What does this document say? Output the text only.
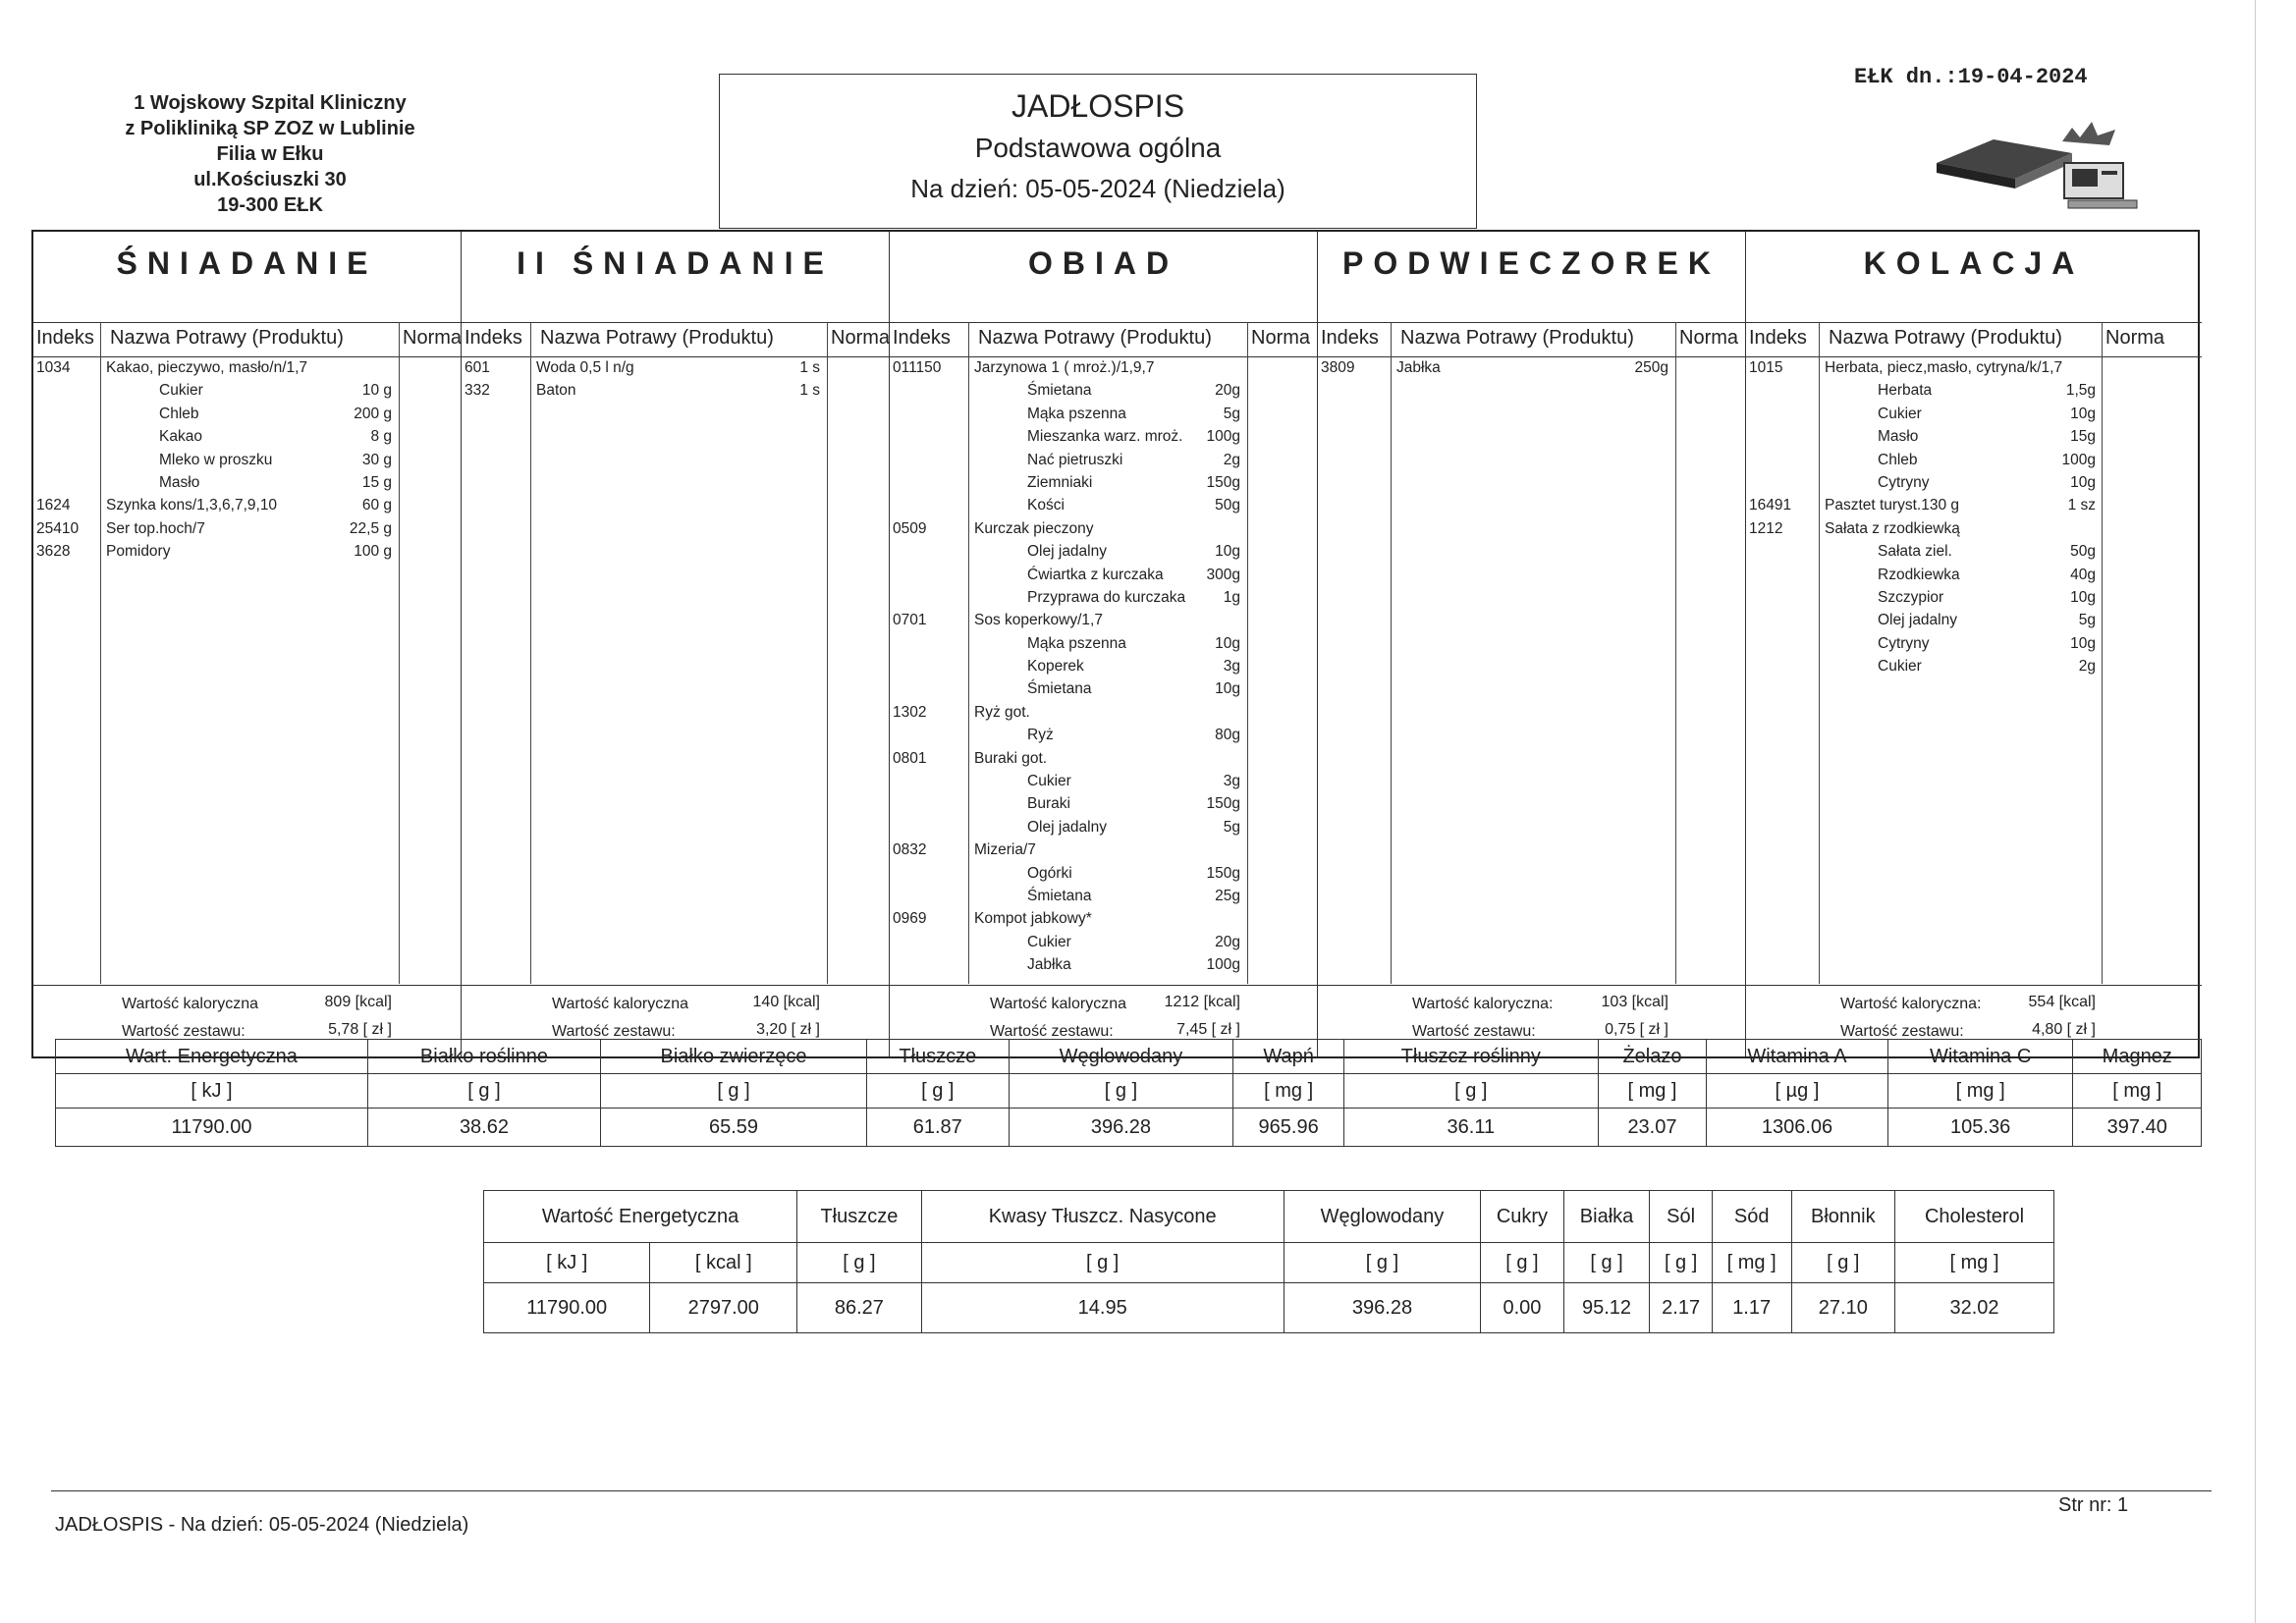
1 Wojskowy Szpital Kliniczny
z Polikliniką SP ZOZ w Lublinie
Filia w Ełku
ul.Kościuszki 30
19-300 EŁK
JADŁOSPIS
Podstawowa ogólna
Na dzień: 05-05-2024 (Niedziela)
EŁK dn.:19-04-2024
ŚNIADANIE
Indeks Nazwa Potrawy (Produktu)	Norma
1034 Kakao, pieczywo, masło/n/1,7
Cukier	10 g
Chleb	200 g
Kakao	8 g
Mleko w proszku	30 g
Masło	15 g
1624 Szynka kons/1,3,6,7,9,10	60 g
25410 Ser top.hoch/7	22,5 g
3628 Pomidory	100 g
Wartość kaloryczna	809 [kcal]
Wartość zestawu:	5,78 [ zł ]
II ŚNIADANIE
Indeks Nazwa Potrawy (Produktu)	Norma
601	Woda 0,5 l n/g	1 s
332	Baton	1 s
Wartość kaloryczna	140 [kcal]
Wartość zestawu:	3,20 [ zł ]
OBIAD
Indeks Nazwa Potrawy (Produktu) Norma
011150 Jarzynowa 1 ( mroż.)/1,9,7
Śmietana	20g
Mąka pszenna	5g
Mieszanka warz. mroż. 100g
Nać pietruszki	2g
Ziemniaki	150g
Kości	50g
0509	Kurczak pieczony
Olej jadalny	10g
Ćwiartka z kurczaka	300g
Przyprawa do kurczaka 1g
0701	Sos koperkowy/1,7
Mąka pszenna	10g
Koperek	3g
Śmietana	10g
1302	Ryż got.
Ryż	80g
0801	Buraki got.
Cukier	3g
Buraki	150g
Olej jadalny	5g
0832	Mizeria/7
Ogórki	150g
Śmietana	25g
0969	Kompot jabkowy*
Cukier	20g
Jabłka	100g
Wartość kaloryczna 1212 [kcal]
Wartość zestawu:	7,45 [ zł ]
PODWIECZOREK
Indeks Nazwa Potrawy (Produktu) Norma
3809	Jabłka	250g
Wartość kaloryczna:	103 [kcal]
Wartość zestawu:	0,75 [ zł ]
KOLACJA
Indeks Nazwa Potrawy (Produktu) Norma
1015	Herbata, piecz,masło, cytryna/k/1,7
Herbata	1,5g
Cukier	10g
Masło	15g
Chleb	100g
Cytryny	10g
16491 Pasztet turyst.130 g	1 sz
1212	Sałata z rzodkiewką
Sałata ziel.	50g
Rzodkiewka	40g
Szczypior	10g
Olej jadalny	5g
Cytryny	10g
Cukier	2g
Wartość kaloryczna:	554 [kcal]
Wartość zestawu:	4,80 [ zł ]
Wart. Energetyczna	Białko roślinne	Białko zwierzęce	Tłuszcze	Węglowodany	Wapń	Tłuszcz roślinny	Żelazo	Witamina A	Witamina C	Magnez
[ kJ ]	[ g ]	[ g ]	[ g ]	[ g ]	[ mg ]	[ g ]	[ mg ]	[ µg ]	[ mg ]	[ mg ]
11790.00	38.62	65.59	61.87	396.28	965.96	36.11	23.07	1306.06	105.36	397.40
Wartość Energetyczna		Tłuszcze	Kwasy Tłuszcz. Nasycone	Węglowodany	Cukry	Białka	Sól	Sód	Błonnik	Cholesterol
[ kJ ]	[ kcal ]	[ g ]	[ g ]	[ g ]	[ g ]	[ g ]	[ g ]	[ mg ]	[ g ]	[ mg ]
11790.00	2797.00	86.27	14.95	396.28	0.00	95.12	2.17	1.17	27.10	32.02
JADŁOSPIS - Na dzień: 05-05-2024 (Niedziela)
Str nr: 1
